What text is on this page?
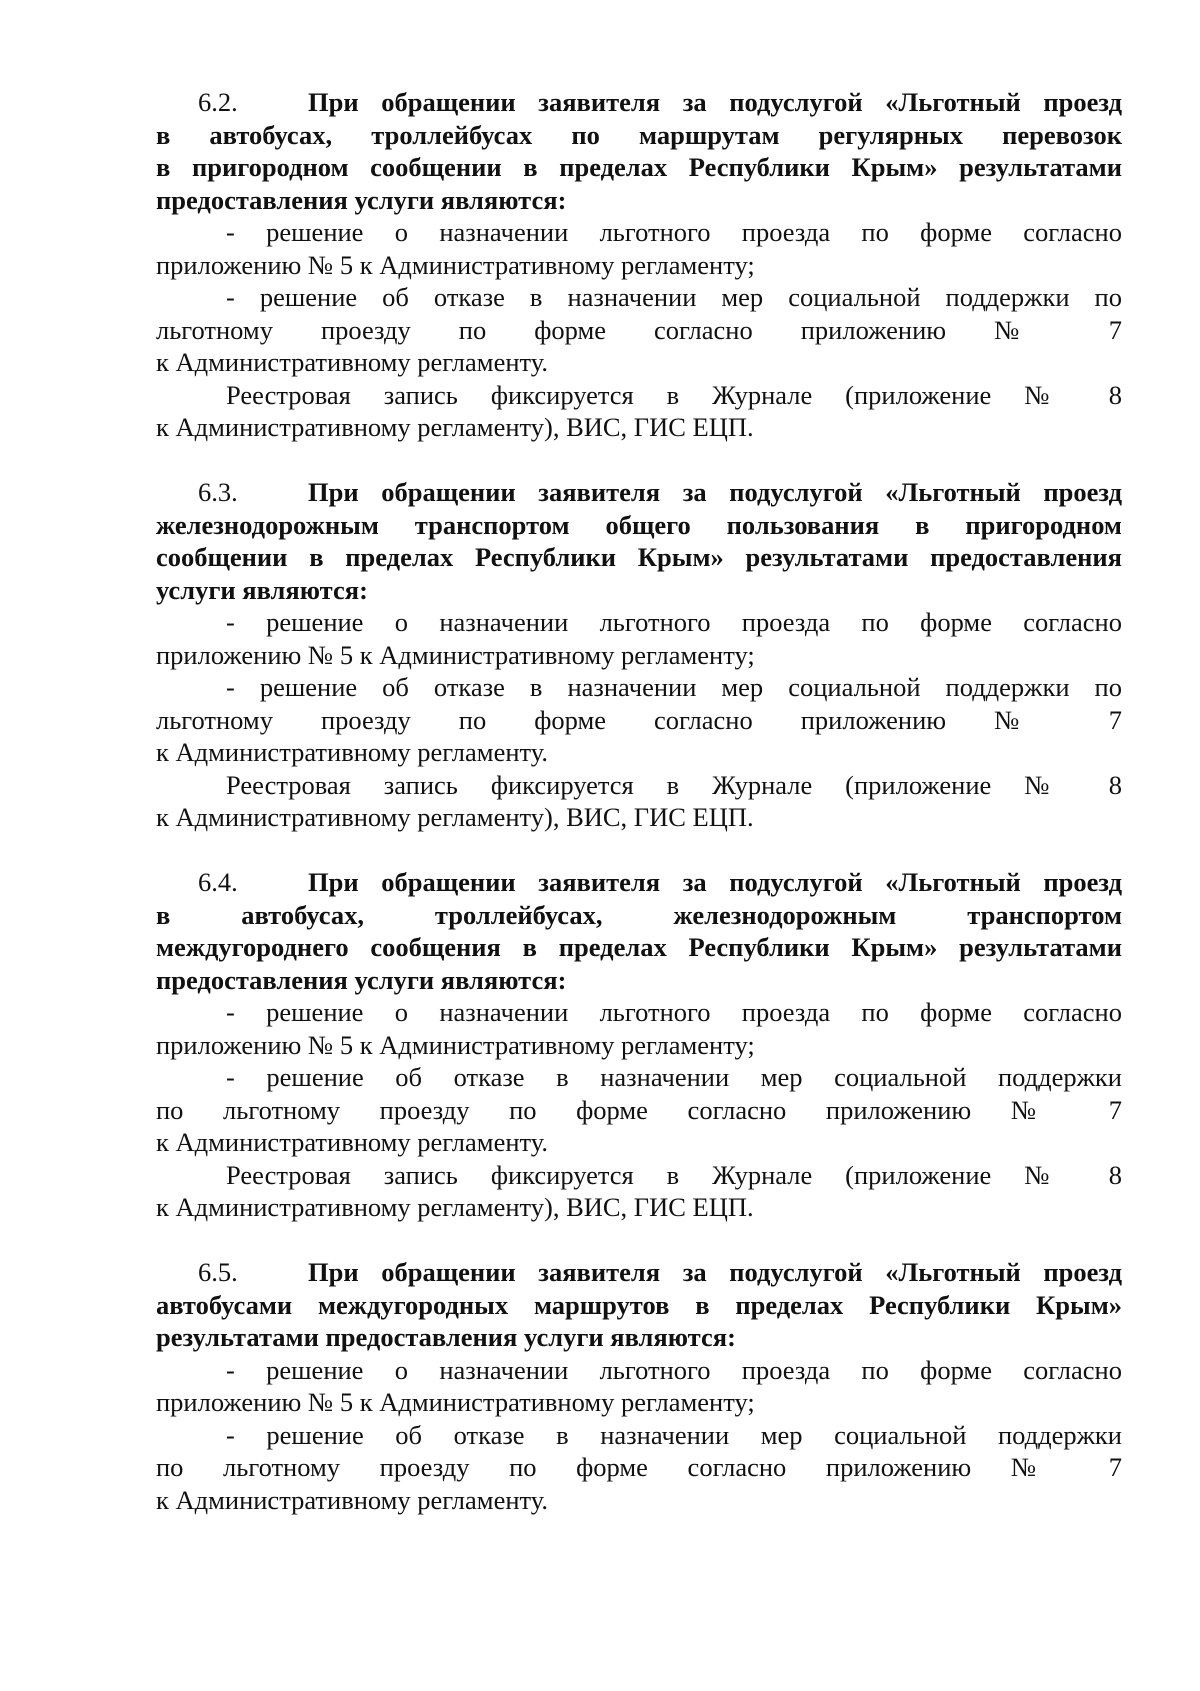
6.2.	При обращении заявителя за подуслугой «Льготный проезд
в автобусах, троллейбусах по маршрутам регулярных перевозок
в пригородном сообщении в пределах Республики Крым» результатами
предоставления услуги являются:
- решение о назначении льготного проезда по форме согласно
приложению № 5 к Административному регламенту;
- решение об отказе в назначении мер социальной поддержки по
льготному проезду по форме согласно приложению № 7
к Административному регламенту.
Реестровая запись фиксируется в Журнале (приложение № 8
к Административному регламенту), ВИС, ГИС ЕЦП.
6.3.	При обращении заявителя за подуслугой «Льготный проезд
железнодорожным транспортом общего пользования в пригородном
сообщении в пределах Республики Крым» результатами предоставления
услуги являются:
- решение о назначении льготного проезда по форме согласно
приложению № 5 к Административному регламенту;
- решение об отказе в назначении мер социальной поддержки по
льготному проезду по форме согласно приложению № 7
к Административному регламенту.
Реестровая запись фиксируется в Журнале (приложение № 8
к Административному регламенту), ВИС, ГИС ЕЦП.
6.4.	При обращении заявителя за подуслугой «Льготный проезд
в автобусах, троллейбусах, железнодорожным транспортом
междугороднего сообщения в пределах Республики Крым» результатами
предоставления услуги являются:
- решение о назначении льготного проезда по форме согласно
приложению № 5 к Административному регламенту;
- решение об отказе в назначении мер социальной поддержки
по льготному проезду по форме согласно приложению № 7
к Административному регламенту.
Реестровая запись фиксируется в Журнале (приложение № 8
к Административному регламенту), ВИС, ГИС ЕЦП.
6.5.	При обращении заявителя за подуслугой «Льготный проезд
автобусами междугородных маршрутов в пределах Республики Крым»
результатами предоставления услуги являются:
- решение о назначении льготного проезда по форме согласно
приложению № 5 к Административному регламенту;
- решение об отказе в назначении мер социальной поддержки
по льготному проезду по форме согласно приложению № 7
к Административному регламенту.
